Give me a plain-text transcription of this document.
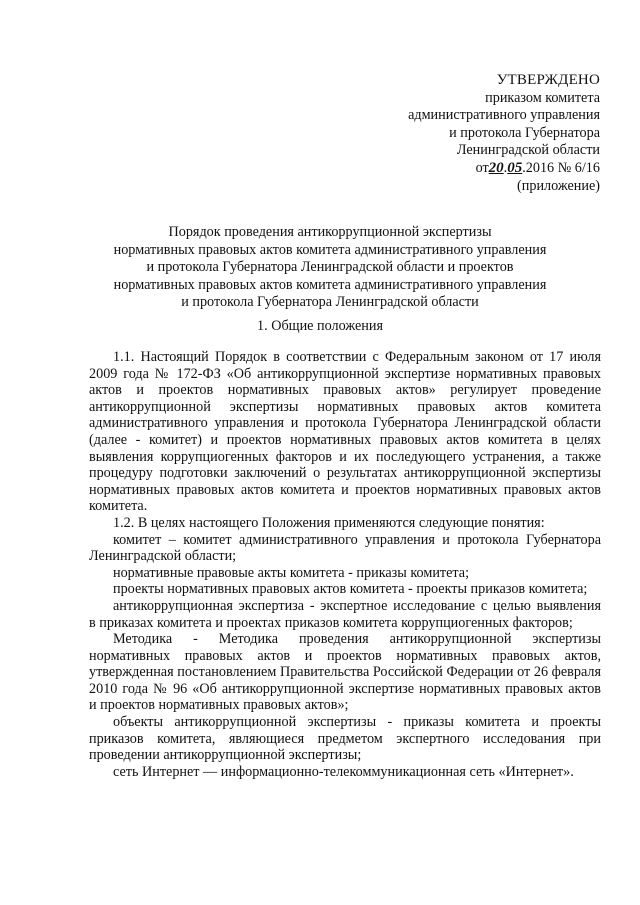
УТВЕРЖДЕНО
приказом комитета
административного управления
и протокола Губернатора
Ленинградской области
от20.05.2016 № 6/16
(приложение)
Порядок проведения антикоррупционной экспертизы
нормативных правовых актов комитета административного управления
и протокола Губернатора Ленинградской области и проектов
нормативных правовых актов комитета административного управления
и протокола Губернатора Ленинградской области
1. Общие положения
1.1. Настоящий Порядок в соответствии с Федеральным законом от 17 июля
2009 года № 172-ФЗ «Об антикоррупционной экспертизе нормативных правовых
актов и проектов нормативных правовых актов» регулирует проведение
антикоррупционной экспертизы нормативных правовых актов комитета
административного управления и протокола Губернатора Ленинградской области
(далее - комитет) и проектов нормативных правовых актов комитета в целях
выявления коррупциогенных факторов и их последующего устранения, а также
процедуру подготовки заключений о результатах антикоррупционной экспертизы
нормативных правовых актов комитета и проектов нормативных правовых актов
комитета.
1.2. В целях настоящего Положения применяются следующие понятия:
комитет – комитет административного управления и протокола Губернатора
Ленинградской области;
нормативные правовые акты комитета - приказы комитета;
проекты нормативных правовых актов комитета - проекты приказов комитета;
антикоррупционная экспертиза - экспертное исследование с целью выявления
в приказах комитета и проектах приказов комитета коррупциогенных факторов;
Методика - Методика проведения антикоррупционной экспертизы
нормативных правовых актов и проектов нормативных правовых актов,
утвержденная постановлением Правительства Российской Федерации от 26 февраля
2010 года № 96 «Об антикоррупционной экспертизе нормативных правовых актов
и проектов нормативных правовых актов»;
объекты антикоррупционной экспертизы - приказы комитета и проекты
приказов комитета, являющиеся предметом экспертного исследования при
проведении антикоррупционной экспертизы;
сеть Интернет — информационно-телекоммуникационная сеть «Интернет».
